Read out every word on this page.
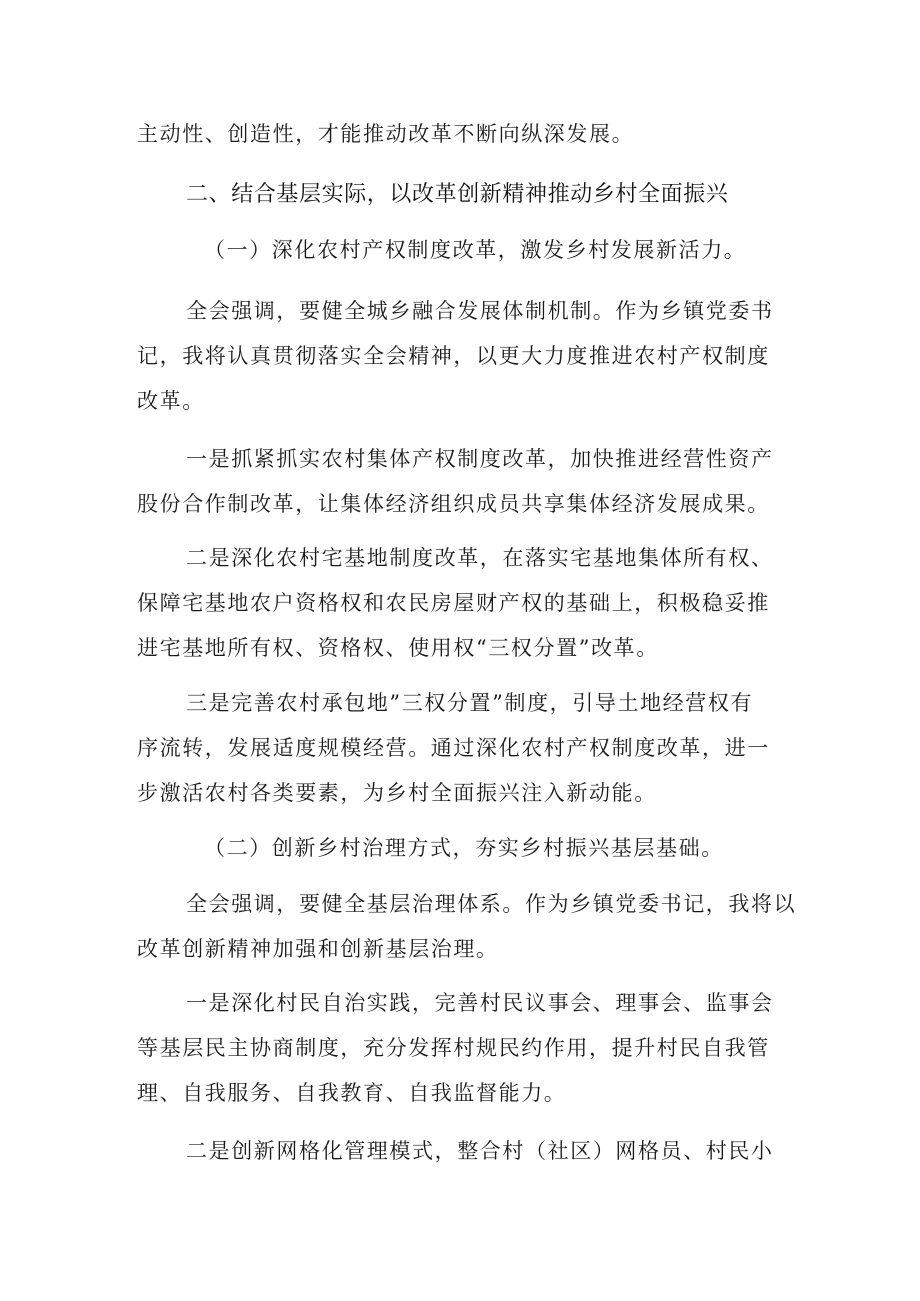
主动性、创造性，才能推动改革不断向纵深发展。
二、结合基层实际，以改革创新精神推动乡村全面振兴
（一）深化农村产权制度改革，激发乡村发展新活力。
全会强调，要健全城乡融合发展体制机制。作为乡镇党委书
记，我将认真贯彻落实全会精神，以更大力度推进农村产权制度
改革。
一是抓紧抓实农村集体产权制度改革，加快推进经营性资产
股份合作制改革，让集体经济组织成员共享集体经济发展成果。
二是深化农村宅基地制度改革，在落实宅基地集体所有权、
保障宅基地农户资格权和农民房屋财产权的基础上，积极稳妥推
进宅基地所有权、资格权、使用权“三权分置”改革。
三是完善农村承包地”三权分置”制度，引导土地经营权有
序流转，发展适度规模经营。通过深化农村产权制度改革，进一
步激活农村各类要素，为乡村全面振兴注入新动能。
（二）创新乡村治理方式，夯实乡村振兴基层基础。
全会强调，要健全基层治理体系。作为乡镇党委书记，我将以
改革创新精神加强和创新基层治理。
一是深化村民自治实践，完善村民议事会、理事会、监事会
等基层民主协商制度，充分发挥村规民约作用，提升村民自我管
理、自我服务、自我教育、自我监督能力。
二是创新网格化管理模式，整合村（社区）网格员、村民小
